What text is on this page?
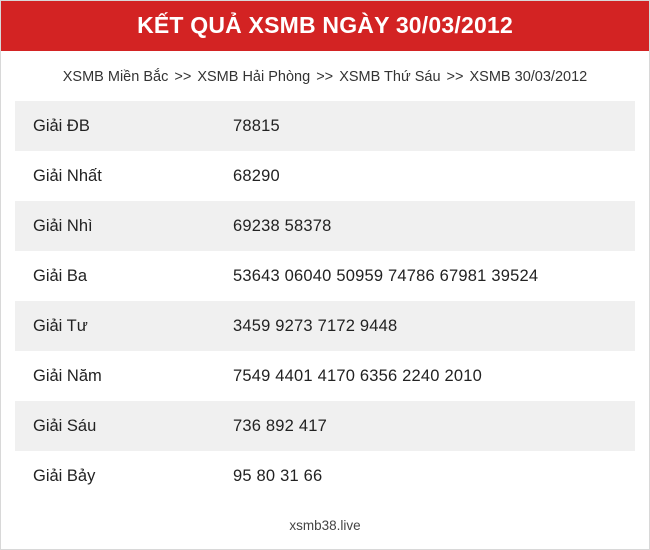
KẾT QUẢ XSMB NGÀY 30/03/2012
XSMB Miền Bắc >> XSMB Hải Phòng >> XSMB Thứ Sáu >> XSMB 30/03/2012
Giải ĐB	78815
Giải Nhất	68290
Giải Nhì	69238 58378
Giải Ba	53643 06040 50959 74786 67981 39524
Giải Tư	3459 9273 7172 9448
Giải Năm	7549 4401 4170 6356 2240 2010
Giải Sáu	736 892 417
Giải Bảy	95 80 31 66
xsmb38.live
